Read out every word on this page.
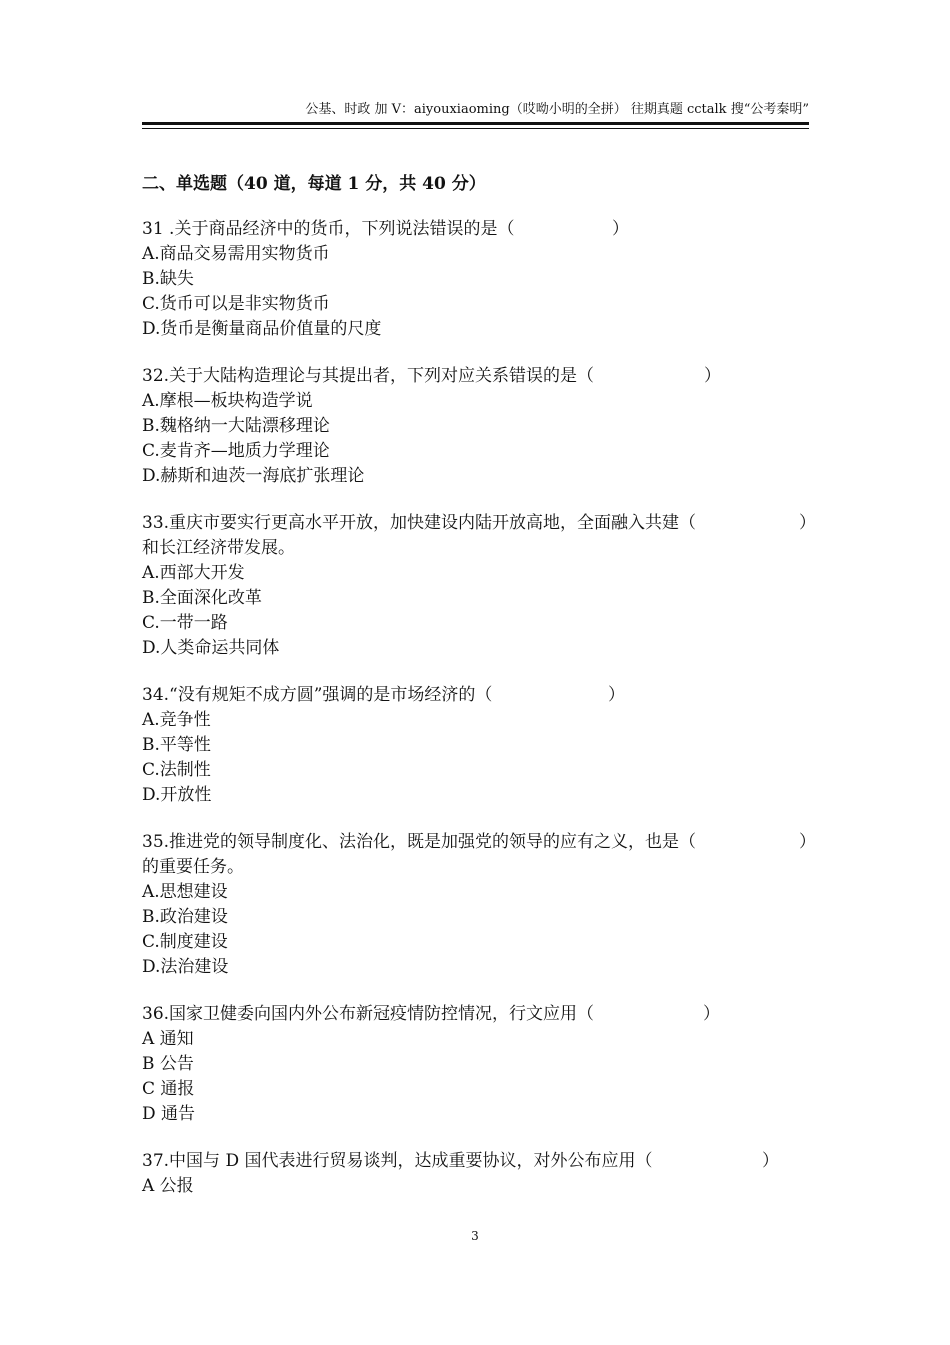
公基、时政 加 V：aiyouxiaoming（哎呦小明的全拼） 往期真题 cctalk 搜“公考秦明”
二、单选题（40 道，每道 1 分，共 40 分）
31 .关于商品经济中的货币，下列说法错误的是（	）
A.商品交易需用实物货币
B.缺失
C.货币可以是非实物货币
D.货币是衡量商品价值量的尺度
32.关于大陆构造理论与其提出者，下列对应关系错误的是（	）
A.摩根—板块构造学说
B.魏格纳一大陆漂移理论
C.麦肯齐—地质力学理论
D.赫斯和迪茨一海底扩张理论
33.重庆市要实行更高水平开放，加快建设内陆开放高地，全面融入共建（	）
和长江经济带发展。
A.西部大开发
B.全面深化改革
C.一带一路
D.人类命运共同体
34.“没有规矩不成方圆”强调的是市场经济的（	）
A.竞争性
B.平等性
C.法制性
D.开放性
35.推进党的领导制度化、法治化，既是加强党的领导的应有之义，也是（	）
的重要任务。
A.思想建设
B.政治建设
C.制度建设
D.法治建设
36.国家卫健委向国内外公布新冠疫情防控情况，行文应用（	）
A 通知
B 公告
C 通报
D 通告
37.中国与 D 国代表进行贸易谈判，达成重要协议，对外公布应用（	）
A 公报
3
